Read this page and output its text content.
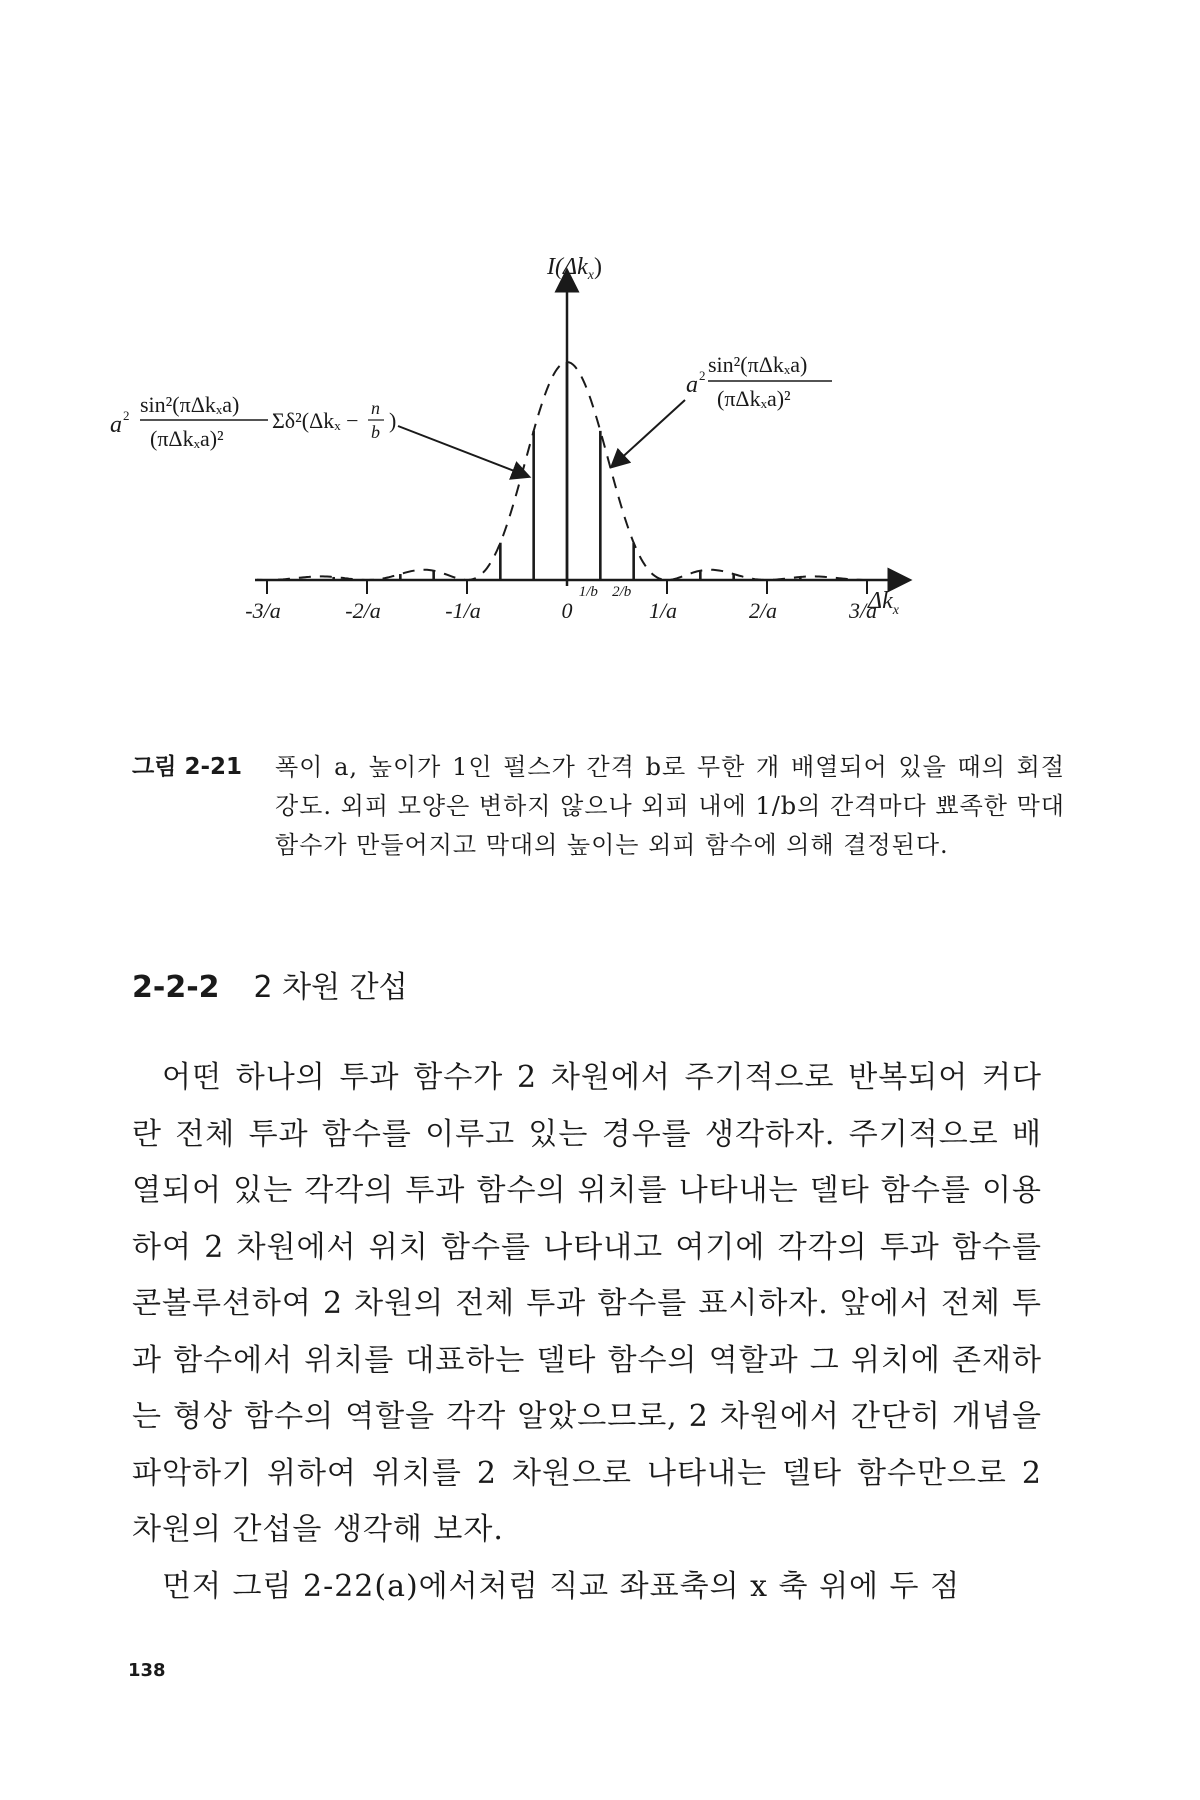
-3/a	-2/a	-1/a	0	1/a	2/a	3/a
1/b 2/b
$I(\Delta k_x)$
$\Delta k_x$
a 2 sin²(πΔkₓa)
(πΔkₓa)²
Σδ²(Δkₓ − n
b )
a 2 sin²(πΔkₓa)
(πΔkₓa)²
그림 2-21 폭이 a, 높이가 1인 펄스가 간격 b로 무한 개 배열되어 있을 때의 회절 강도. 외피 모양은 변하지 않으나 외피 내에 1/b의 간격마다 뾰족한 막대 함수가 만들어지고 막대의 높이는 외피 함수에 의해 결정된다.
2-2-2 2 차원 간섭

어떤 하나의 투과 함수가 2 차원에서 주기적으로 반복되어 커다란 전체 투과 함수를 이루고 있는 경우를 생각하자. 주기적으로 배열되어 있는 각각의 투과 함수의 위치를 나타내는 델타 함수를 이용하여 2 차원에서 위치 함수를 나타내고 여기에 각각의 투과 함수를 콘볼루션하여 2 차원의 전체 투과 함수를 표시하자. 앞에서 전체 투과 함수에서 위치를 대표하는 델타 함수의 역할과 그 위치에 존재하는 형상 함수의 역할을 각각 알았으므로, 2 차원에서 간단히 개념을 파악하기 위하여 위치를 2 차원으로 나타내는 델타 함수만으로 2 차원의 간섭을 생각해 보자.

먼저 그림 2-22(a)에서처럼 직교 좌표축의 x 축 위에 두 점

138
